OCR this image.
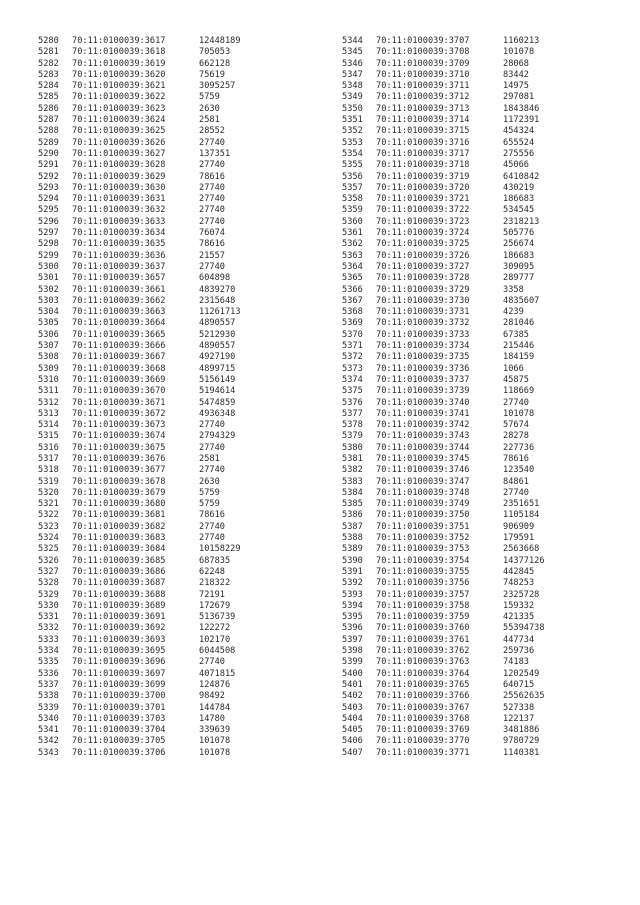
5280 70:11:0100039:3617	12448189
5281 70:11:0100039:3618	705053
5282 70:11:0100039:3619	662128
5283 70:11:0100039:3620	75619
5284 70:11:0100039:3621	3095257
5285 70:11:0100039:3622	5759
5286 70:11:0100039:3623	2630
5287 70:11:0100039:3624	2581
5288 70:11:0100039:3625	28552
5289 70:11:0100039:3626	27740
5290 70:11:0100039:3627	137351
5291 70:11:0100039:3628	27740
5292 70:11:0100039:3629	78616
5293 70:11:0100039:3630	27740
5294 70:11:0100039:3631	27740
5295 70:11:0100039:3632	27740
5296 70:11:0100039:3633	27740
5297 70:11:0100039:3634	76074
5298 70:11:0100039:3635	78616
5299 70:11:0100039:3636	21557
5300 70:11:0100039:3637	27740
5301 70:11:0100039:3657	604898
5302 70:11:0100039:3661	4839270
5303 70:11:0100039:3662	2315648
5304 70:11:0100039:3663	11261713
5305 70:11:0100039:3664	4890557
5306 70:11:0100039:3665	5212930
5307 70:11:0100039:3666	4890557
5308 70:11:0100039:3667	4927190
5309 70:11:0100039:3668	4899715
5310 70:11:0100039:3669	5156149
5311 70:11:0100039:3670	5194614
5312 70:11:0100039:3671	5474859
5313 70:11:0100039:3672	4936348
5314 70:11:0100039:3673	27740
5315 70:11:0100039:3674	2794329
5316 70:11:0100039:3675	27740
5317 70:11:0100039:3676	2581
5318 70:11:0100039:3677	27740
5319 70:11:0100039:3678	2630
5320 70:11:0100039:3679	5759
5321 70:11:0100039:3680	5759
5322 70:11:0100039:3681	78616
5323 70:11:0100039:3682	27740
5324 70:11:0100039:3683	27740
5325 70:11:0100039:3684	10158229
5326 70:11:0100039:3685	687835
5327 70:11:0100039:3686	62248
5328 70:11:0100039:3687	218322
5329 70:11:0100039:3688	72191
5330 70:11:0100039:3689	172679
5331 70:11:0100039:3691	5136739
5332 70:11:0100039:3692	122272
5333 70:11:0100039:3693	102170
5334 70:11:0100039:3695	6044508
5335 70:11:0100039:3696	27740
5336 70:11:0100039:3697	4071815
5337 70:11:0100039:3699	124876
5338 70:11:0100039:3700	98492
5339 70:11:0100039:3701	144784
5340 70:11:0100039:3703	14780
5341 70:11:0100039:3704	339639
5342 70:11:0100039:3705	101078
5343 70:11:0100039:3706	101078
5344 70:11:0100039:3707	1160213
5345 70:11:0100039:3708	101078
5346 70:11:0100039:3709	28068
5347 70:11:0100039:3710	83442
5348 70:11:0100039:3711	14975
5349 70:11:0100039:3712	297081
5350 70:11:0100039:3713	1843846
5351 70:11:0100039:3714	1172391
5352 70:11:0100039:3715	454324
5353 70:11:0100039:3716	655524
5354 70:11:0100039:3717	275556
5355 70:11:0100039:3718	45066
5356 70:11:0100039:3719	6410842
5357 70:11:0100039:3720	430219
5358 70:11:0100039:3721	186683
5359 70:11:0100039:3722	534545
5360 70:11:0100039:3723	2318213
5361 70:11:0100039:3724	505776
5362 70:11:0100039:3725	256674
5363 70:11:0100039:3726	186683
5364 70:11:0100039:3727	309095
5365 70:11:0100039:3728	289777
5366 70:11:0100039:3729	3358
5367 70:11:0100039:3730	4835607
5368 70:11:0100039:3731	4239
5369 70:11:0100039:3732	281046
5370 70:11:0100039:3733	67385
5371 70:11:0100039:3734	215446
5372 70:11:0100039:3735	184159
5373 70:11:0100039:3736	1066
5374 70:11:0100039:3737	45875
5375 70:11:0100039:3739	118669
5376 70:11:0100039:3740	27740
5377 70:11:0100039:3741	101078
5378 70:11:0100039:3742	57674
5379 70:11:0100039:3743	28278
5380 70:11:0100039:3744	227736
5381 70:11:0100039:3745	78616
5382 70:11:0100039:3746	123540
5383 70:11:0100039:3747	84861
5384 70:11:0100039:3748	27740
5385 70:11:0100039:3749	2351651
5386 70:11:0100039:3750	1105184
5387 70:11:0100039:3751	906909
5388 70:11:0100039:3752	179591
5389 70:11:0100039:3753	2563668
5390 70:11:0100039:3754	14377126
5391 70:11:0100039:3755	442845
5392 70:11:0100039:3756	748253
5393 70:11:0100039:3757	2325728
5394 70:11:0100039:3758	159332
5395 70:11:0100039:3759	421335
5396 70:11:0100039:3760	55394738
5397 70:11:0100039:3761	447734
5398 70:11:0100039:3762	259736
5399 70:11:0100039:3763	74183
5400 70:11:0100039:3764	1202549
5401 70:11:0100039:3765	640715
5402 70:11:0100039:3766	25562635
5403 70:11:0100039:3767	527338
5404 70:11:0100039:3768	122137
5405 70:11:0100039:3769	3481886
5406 70:11:0100039:3770	9780729
5407 70:11:0100039:3771	1140381
